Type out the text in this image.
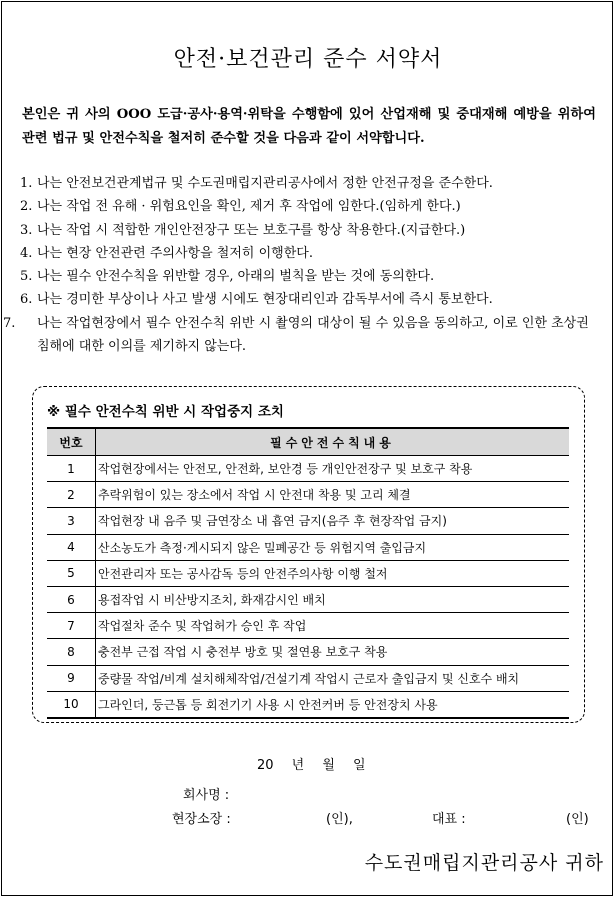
안전·보건관리 준수 서약서
본인은 귀 사의 OOO 도급·공사·용역·위탁을 수행함에 있어 산업재해 및 중대재해 예방을 위하여 관련 법규 및 안전수칙을 철저히 준수할 것을 다음과 같이 서약합니다.
1. 나는 안전보건관계법규 및 수도권매립지관리공사에서 정한 안전규정을 준수한다.
2. 나는 작업 전 유해 · 위험요인을 확인, 제거 후 작업에 임한다.(임하게 한다.)
3. 나는 작업 시 적합한 개인안전장구 또는 보호구를 항상 착용한다.(지급한다.)
4. 나는 현장 안전관련 주의사항을 철저히 이행한다.
5. 나는 필수 안전수칙을 위반할 경우, 아래의 벌칙을 받는 것에 동의한다.
6. 나는 경미한 부상이나 사고 발생 시에도 현장대리인과 감독부서에 즉시 통보한다.
7. 나는 작업현장에서 필수 안전수칙 위반 시 촬영의 대상이 될 수 있음을 동의하고, 이로 인한 초상권 침해에 대한 이의를 제기하지 않는다.
※ 필수 안전수칙 위반 시 작업중지 조치
번호	필수안전수칙내용
1	작업현장에서는 안전모, 안전화, 보안경 등 개인안전장구 및 보호구 착용
2	추락위험이 있는 장소에서 작업 시 안전대 착용 및 고리 체결
3	작업현장 내 음주 및 금연장소 내 흡연 금지(음주 후 현장작업 금지)
4	산소농도가 측정·게시되지 않은 밀폐공간 등 위험지역 출입금지
5	안전관리자 또는 공사감독 등의 안전주의사항 이행 철저
6	용접작업 시 비산방지조치, 화재감시인 배치
7	작업절차 준수 및 작업허가 승인 후 작업
8	충전부 근접 작업 시 충전부 방호 및 절연용 보호구 착용
9	중량물 작업/비계 설치해체작업/건설기계 작업시 근로자 출입금지 및 신호수 배치
10	그라인더, 둥근톱 등 회전기기 사용 시 안전커버 등 안전장치 사용
20 년 월 일
회사명 :
현장소장 :	(인),	대표 :	(인)
수도권매립지관리공사 귀하
